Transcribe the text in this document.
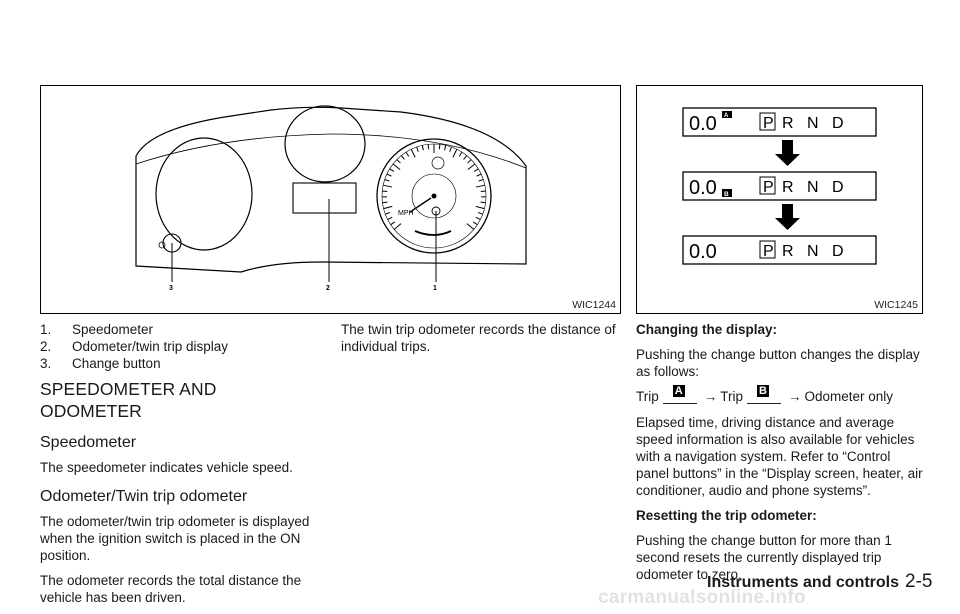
MPH
3	2	1
WIC1244
0.0 A P R N D
0.0 B P R N D
0.0	P R N D
WIC1245
1.	Speedometer
2.	Odometer/twin trip display
3.	Change button
SPEEDOMETER AND ODOMETER
Speedometer

The speedometer indicates vehicle speed.

Odometer/Twin trip odometer

The odometer/twin trip odometer is displayed when the ignition switch is placed in the ON position.

The odometer records the total distance the vehicle has been driven.

The twin trip odometer records the distance of individual trips.

Changing the display:

Pushing the change button changes the display as follows:

Trip A → Trip B → Odometer only

Elapsed time, driving distance and average speed information is also available for vehicles with a navigation system. Refer to “Control panel buttons” in the “Display screen, heater, air conditioner, audio and phone systems”.

Resetting the trip odometer:

Pushing the change button for more than 1 second resets the currently displayed trip odometer to zero.

Instruments and controls 2-5
carmanualsonline.info
